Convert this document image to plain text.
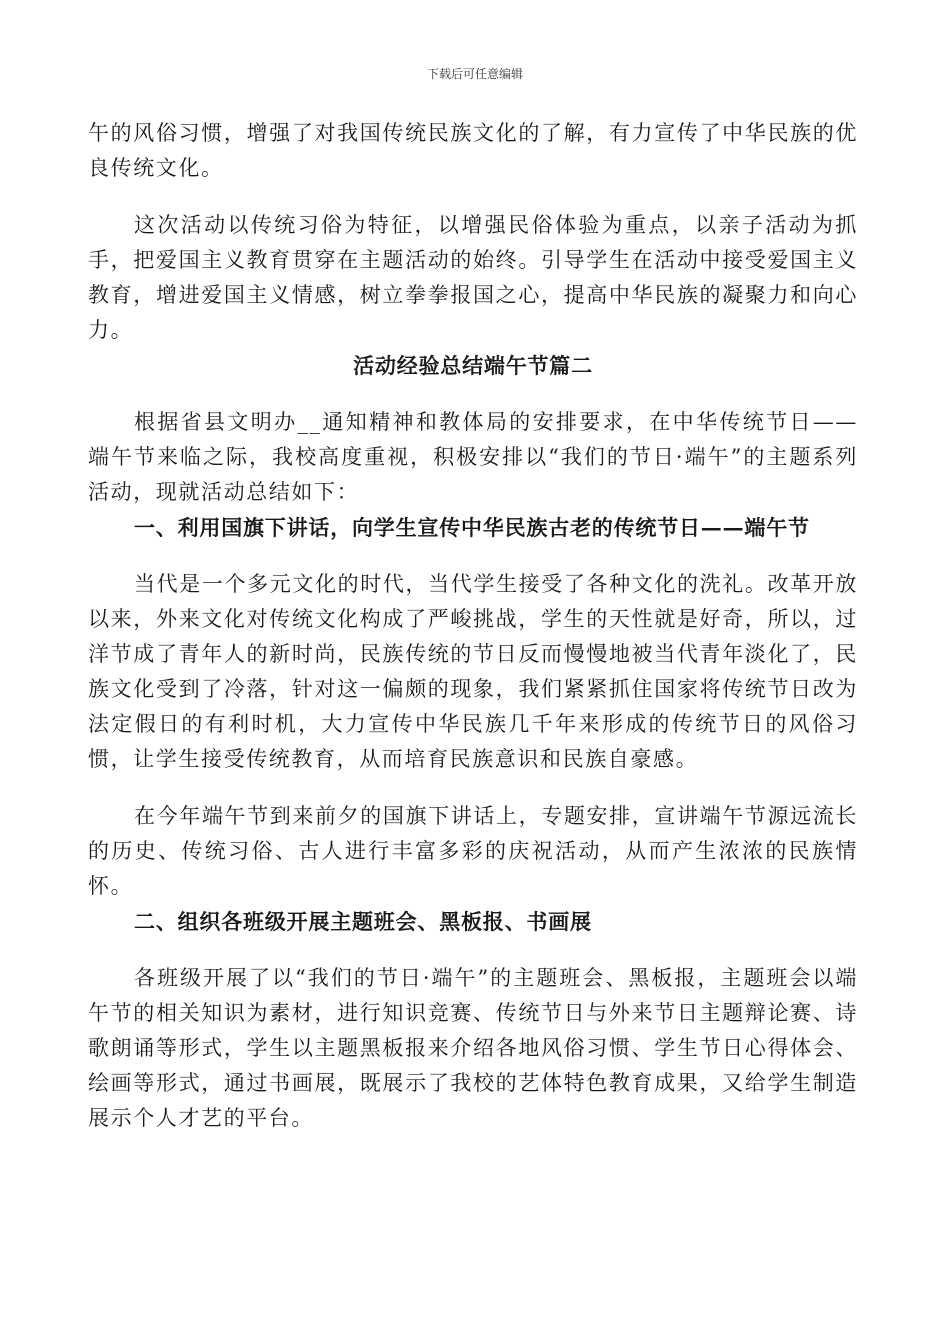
下载后可任意编辑

午的风俗习惯，增强了对我国传统民族文化的了解，有力宣传了中华民族的优良传统文化。

这次活动以传统习俗为特征，以增强民俗体验为重点，以亲子活动为抓手，把爱国主义教育贯穿在主题活动的始终。引导学生在活动中接受爱国主义教育，增进爱国主义情感，树立拳拳报国之心，提高中华民族的凝聚力和向心力。

活动经验总结端午节篇二

根据省县文明办__通知精神和教体局的安排要求，在中华传统节日——端午节来临之际，我校高度重视，积极安排以“我们的节日·端午”的主题系列活动，现就活动总结如下：

一、利用国旗下讲话，向学生宣传中华民族古老的传统节日——端午节

当代是一个多元文化的时代，当代学生接受了各种文化的洗礼。改革开放以来，外来文化对传统文化构成了严峻挑战，学生的天性就是好奇，所以，过洋节成了青年人的新时尚，民族传统的节日反而慢慢地被当代青年淡化了，民族文化受到了冷落，针对这一偏颇的现象，我们紧紧抓住国家将传统节日改为法定假日的有利时机，大力宣传中华民族几千年来形成的传统节日的风俗习惯，让学生接受传统教育，从而培育民族意识和民族自豪感。

在今年端午节到来前夕的国旗下讲话上，专题安排，宣讲端午节源远流长的历史、传统习俗、古人进行丰富多彩的庆祝活动，从而产生浓浓的民族情怀。

二、组织各班级开展主题班会、黑板报、书画展

各班级开展了以“我们的节日·端午”的主题班会、黑板报，主题班会以端午节的相关知识为素材，进行知识竞赛、传统节日与外来节日主题辩论赛、诗歌朗诵等形式，学生以主题黑板报来介绍各地风俗习惯、学生节日心得体会、绘画等形式，通过书画展，既展示了我校的艺体特色教育成果，又给学生制造展示个人才艺的平台。
